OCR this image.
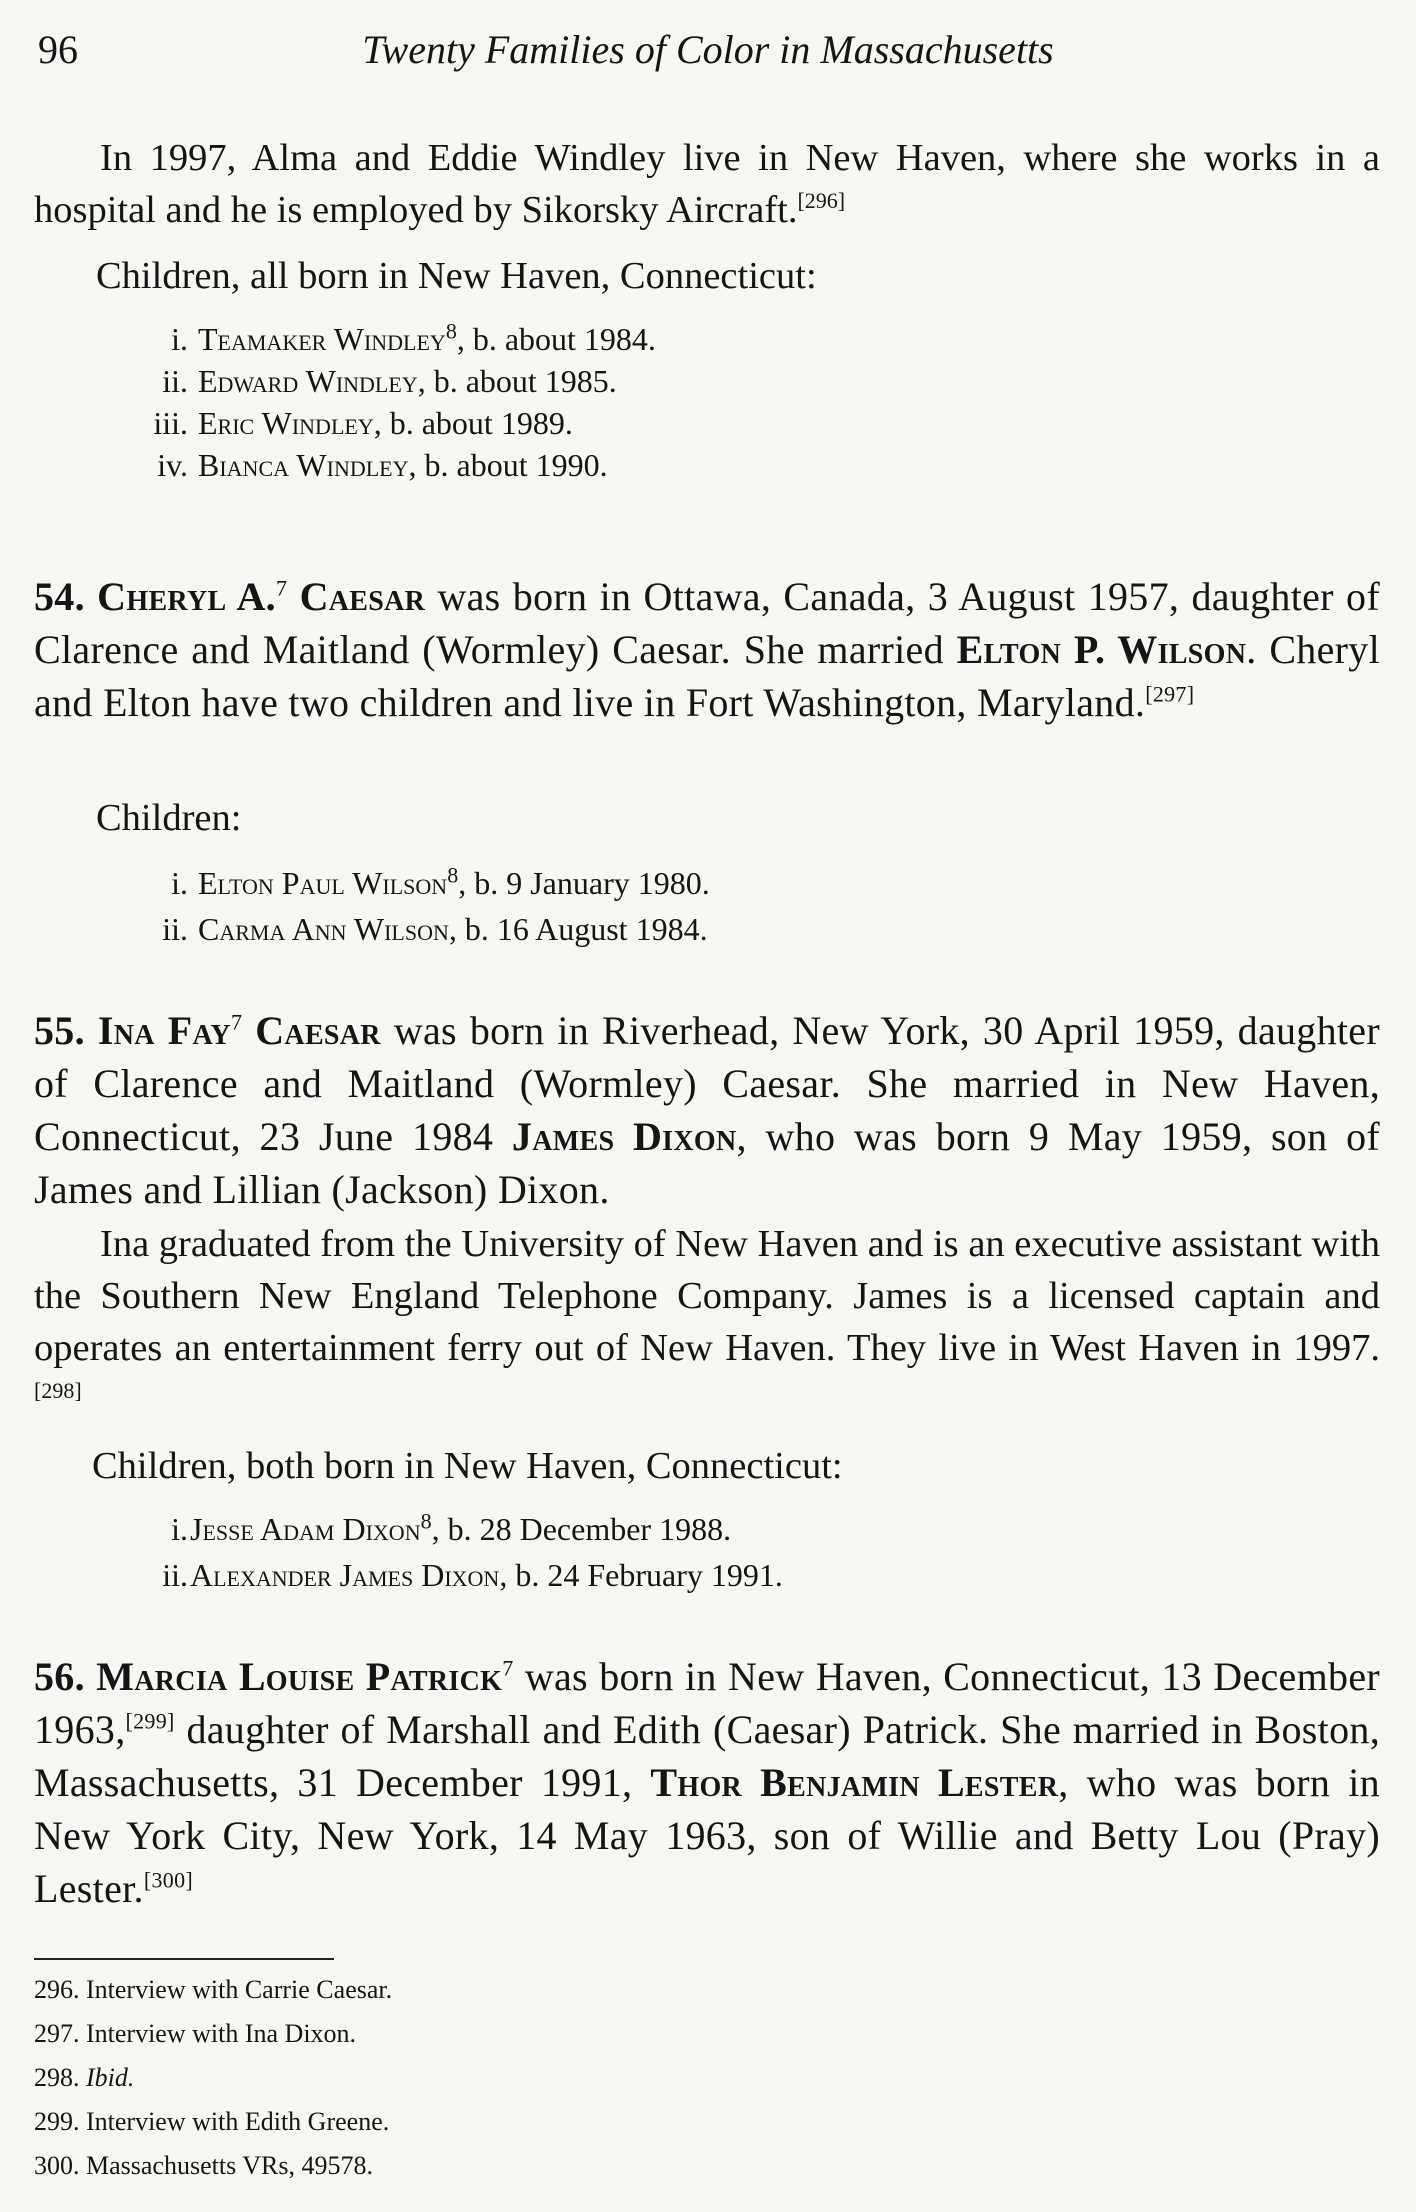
96	Twenty Families of Color in Massachusetts

In 1997, Alma and Eddie Windley live in New Haven, where she works in a hospital and he is employed by Sikorsky Aircraft.[296]

Children, all born in New Haven, Connecticut:

i. Teamaker Windley$^8$, b. about 1984.
ii. Edward Windley, b. about 1985.
iii. Eric Windley, b. about 1989.
iv. Bianca Windley, b. about 1990.

54. Cheryl A.$^7$ Caesar was born in Ottawa, Canada, 3 August 1957, daughter of Clarence and Maitland (Wormley) Caesar. She married Elton P. Wilson. Cheryl and Elton have two children and live in Fort Washington, Maryland.[297]

Children:

i. Elton Paul Wilson$^8$, b. 9 January 1980.
ii. Carma Ann Wilson, b. 16 August 1984.

55. Ina Fay$^7$ Caesar was born in Riverhead, New York, 30 April 1959, daughter of Clarence and Maitland (Wormley) Caesar. She married in New Haven, Connecticut, 23 June 1984 James Dixon, who was born 9 May 1959, son of James and Lillian (Jackson) Dixon.

Ina graduated from the University of New Haven and is an executive assistant with the Southern New England Telephone Company. James is a licensed captain and operates an entertainment ferry out of New Haven. They live in West Haven in 1997.[298]

Children, both born in New Haven, Connecticut:

i. Jesse Adam Dixon$^8$, b. 28 December 1988.
ii. Alexander James Dixon, b. 24 February 1991.

56. Marcia Louise Patrick$^7$ was born in New Haven, Connecticut, 13 December 1963,[299] daughter of Marshall and Edith (Caesar) Patrick. She married in Boston, Massachusetts, 31 December 1991, Thor Benjamin Lester, who was born in New York City, New York, 14 May 1963, son of Willie and Betty Lou (Pray) Lester.[300]

296. Interview with Carrie Caesar.
297. Interview with Ina Dixon.
298. Ibid.
299. Interview with Edith Greene.
300. Massachusetts VRs, 49578.
